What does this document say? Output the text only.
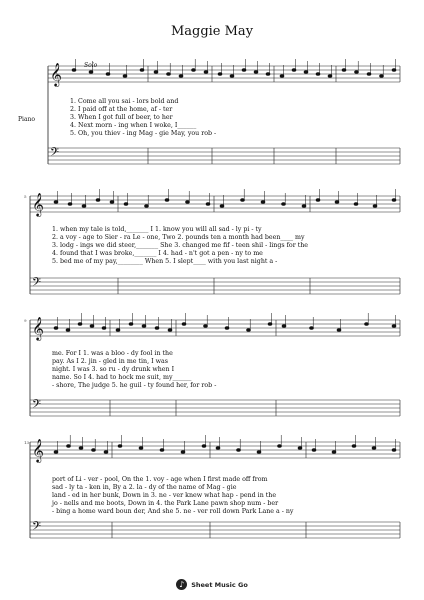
Maggie May
Solo
Piano
𝄞
𝄢
𝄞
𝄢
𝄞
𝄢
𝄞
𝄢
5
9
13
1. Come all you sai - lors bold and
2. I paid off at the home, af - ter
3. When I got full of beer, to her
4. Next morn - ing when I woke, I______
5. Oh, you thiev - ing Mag - gie May, you rob -
1. when my tale is told,_______ I 1. know you will all sad - ly pi - ty
2. a voy - age to Sier - ra Le - one, Two 2. pounds ten a month had been____ my
3. lodg - ings we did steer,_______ She 3. changed me fif - teen shil - lings for the
4. found that I was broke,_______ I 4. had - n't got a pen - ny to me
5. bed me of my pay,________ When 5. I slept____ with you last night a -
me. For I 1. was a bloo - dy fool in the
pay. As I 2. jin - gled in me tin, I was
night. I was 3. so ru - dy drunk when I
name. So I 4. had to hock me suit, my______
- shore, The judge 5. he guil - ty found her, for rob -
port of Li - ver - pool, On the 1. voy - age when I first made off from
sad - ly ta - ken in, By a 2. la - dy of the name of Mag - gie
land - ed in her bunk, Down in 3. ne - ver knew what hap - pend in the
jo - nells and me boots, Down in 4. the Park Lane pawn shop num - ber
- bing a home ward boun der, And she 5. ne - ver roll down Park Lane a - ny
♪	Sheet Music Go
